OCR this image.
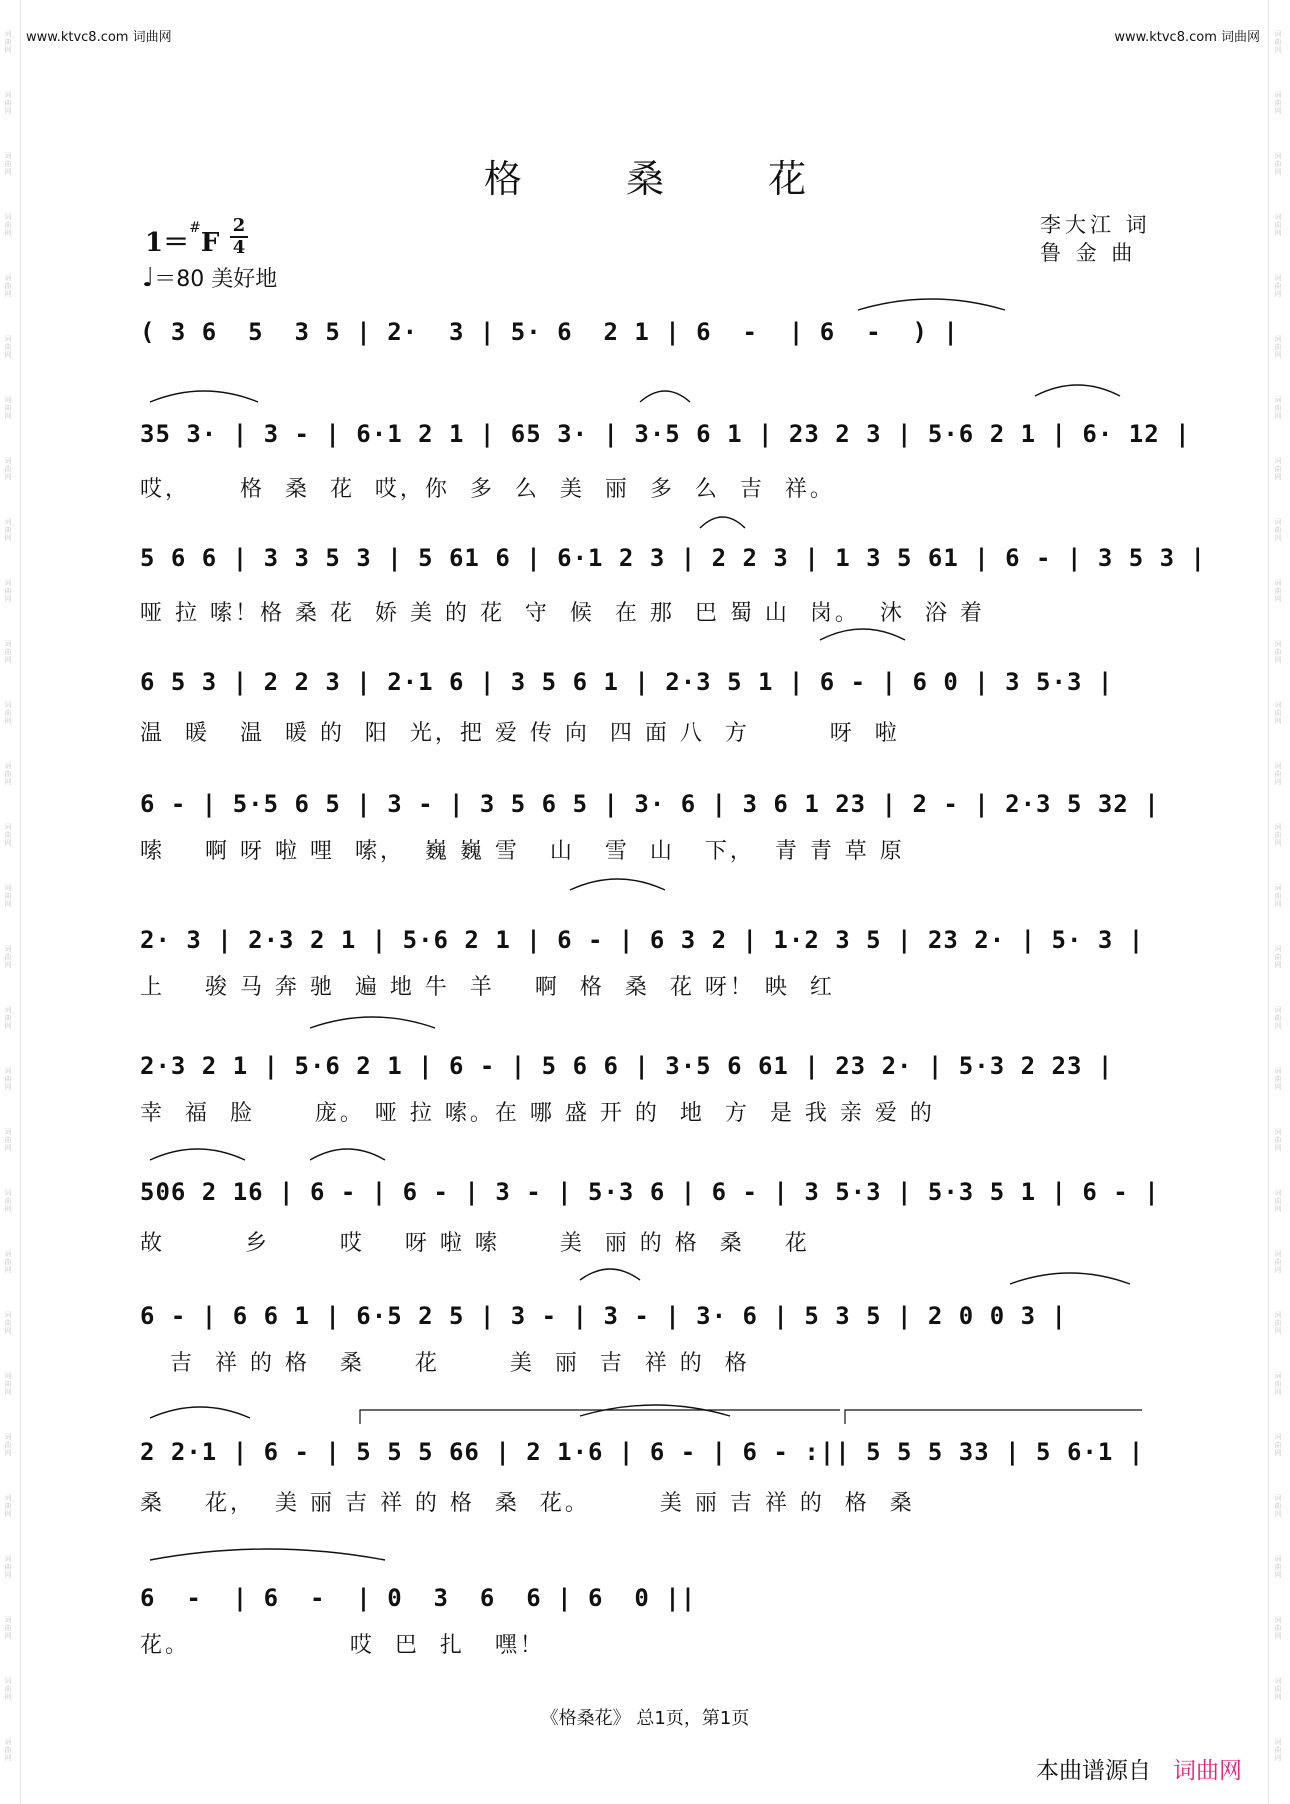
词曲网
词曲网
词曲网
词曲网
词曲网
词曲网
词曲网
词曲网
词曲网
词曲网
词曲网
词曲网
词曲网
词曲网
词曲网
词曲网
词曲网
词曲网
词曲网
词曲网
词曲网
词曲网
词曲网
词曲网
词曲网
词曲网
词曲网
词曲网
词曲网
词曲网
词曲网
词曲网
词曲网
词曲网
词曲网
词曲网
词曲网
词曲网
词曲网
词曲网
词曲网
词曲网
词曲网
词曲网
词曲网
词曲网
词曲网
词曲网
词曲网
词曲网
词曲网
词曲网
词曲网
词曲网
词曲网
词曲网
词曲网
词曲网
www.ktvc8.com 词曲网	www.ktvc8.com 词曲网
格 桑 花
李大江 词
鲁 金 曲
1＝#F
2
4
♩＝80 美好地
( 3 6  5  3 5 | 2·  3 | 5· 6  2 1 | 6  -  | 6  -  ) |
35 3· | 3 - | 6·1 2 1 | 65 3· | 3·5 6 1 | 23 2 3 | 5·6 2 1 | 6· 12 |
哎，     格  桑  花  哎，你  多  么  美  丽  多  么  吉  祥。
5 6 6 | 3 3 5 3 | 5 61 6 | 6·1 2 3 | 2 2 3 | 1 3 5 61 | 6 - | 3 5 3 |
哑 拉 嗦！格 桑 花  娇 美 的 花  守  候  在 那  巴 蜀 山  岗。  沐  浴 着
6 5 3 | 2 2 3 | 2·1 6 | 3 5 6 1 | 2·3 5 1 | 6 - | 6 0 | 3 5·3 |
温  暖   温  暖 的  阳  光，把 爱 传 向  四 面 八  方        呀  啦
6 - | 5·5 6 5 | 3 - | 3 5 6 5 | 3· 6 | 3 6 1 23 | 2 - | 2·3 5 32 |
嗦    啊 呀 啦 哩  嗦，  巍 巍 雪   山   雪  山   下，  青 青 草 原
2· 3 | 2·3 2 1 | 5·6 2 1 | 6 - | 6 3 2 | 1·2 3 5 | 23 2· | 5· 3 |
上    骏 马 奔 驰  遍 地 牛  羊    啊  格  桑  花 呀！ 映  红
2·3 2 1 | 5·6 2 1 | 6 - | 5 6 6 | 3·5 6 61 | 23 2· | 5·3 2 23 |
幸  福  脸      庞。 哑 拉 嗦。在 哪 盛 开 的  地  方  是 我 亲 爱 的
506 2 16 | 6 - | 6 - | 3 - | 5·3 6 | 6 - | 3 5·3 | 5·3 5 1 | 6 - |
故        乡       哎    呀 啦 嗦      美  丽 的 格  桑    花
6 - | 6 6 1 | 6·5 2 5 | 3 - | 3 - | 3· 6 | 5 3 5 | 2 0 0 3 |
吉  祥 的 格   桑     花       美  丽  吉  祥 的  格
2 2·1 | 6 - | 5 5 5 66 | 2 1·6 | 6 - | 6 - :|| 5 5 5 33 | 5 6·1 |
桑    花，  美 丽 吉 祥 的 格  桑  花。       美 丽 吉 祥 的  格  桑
6  -  | 6  -  | 0  3  6  6 | 6  0 ||
花。                哎  巴  扎   嘿！
《格桑花》 总1页，第1页
本曲谱源自 词曲网
